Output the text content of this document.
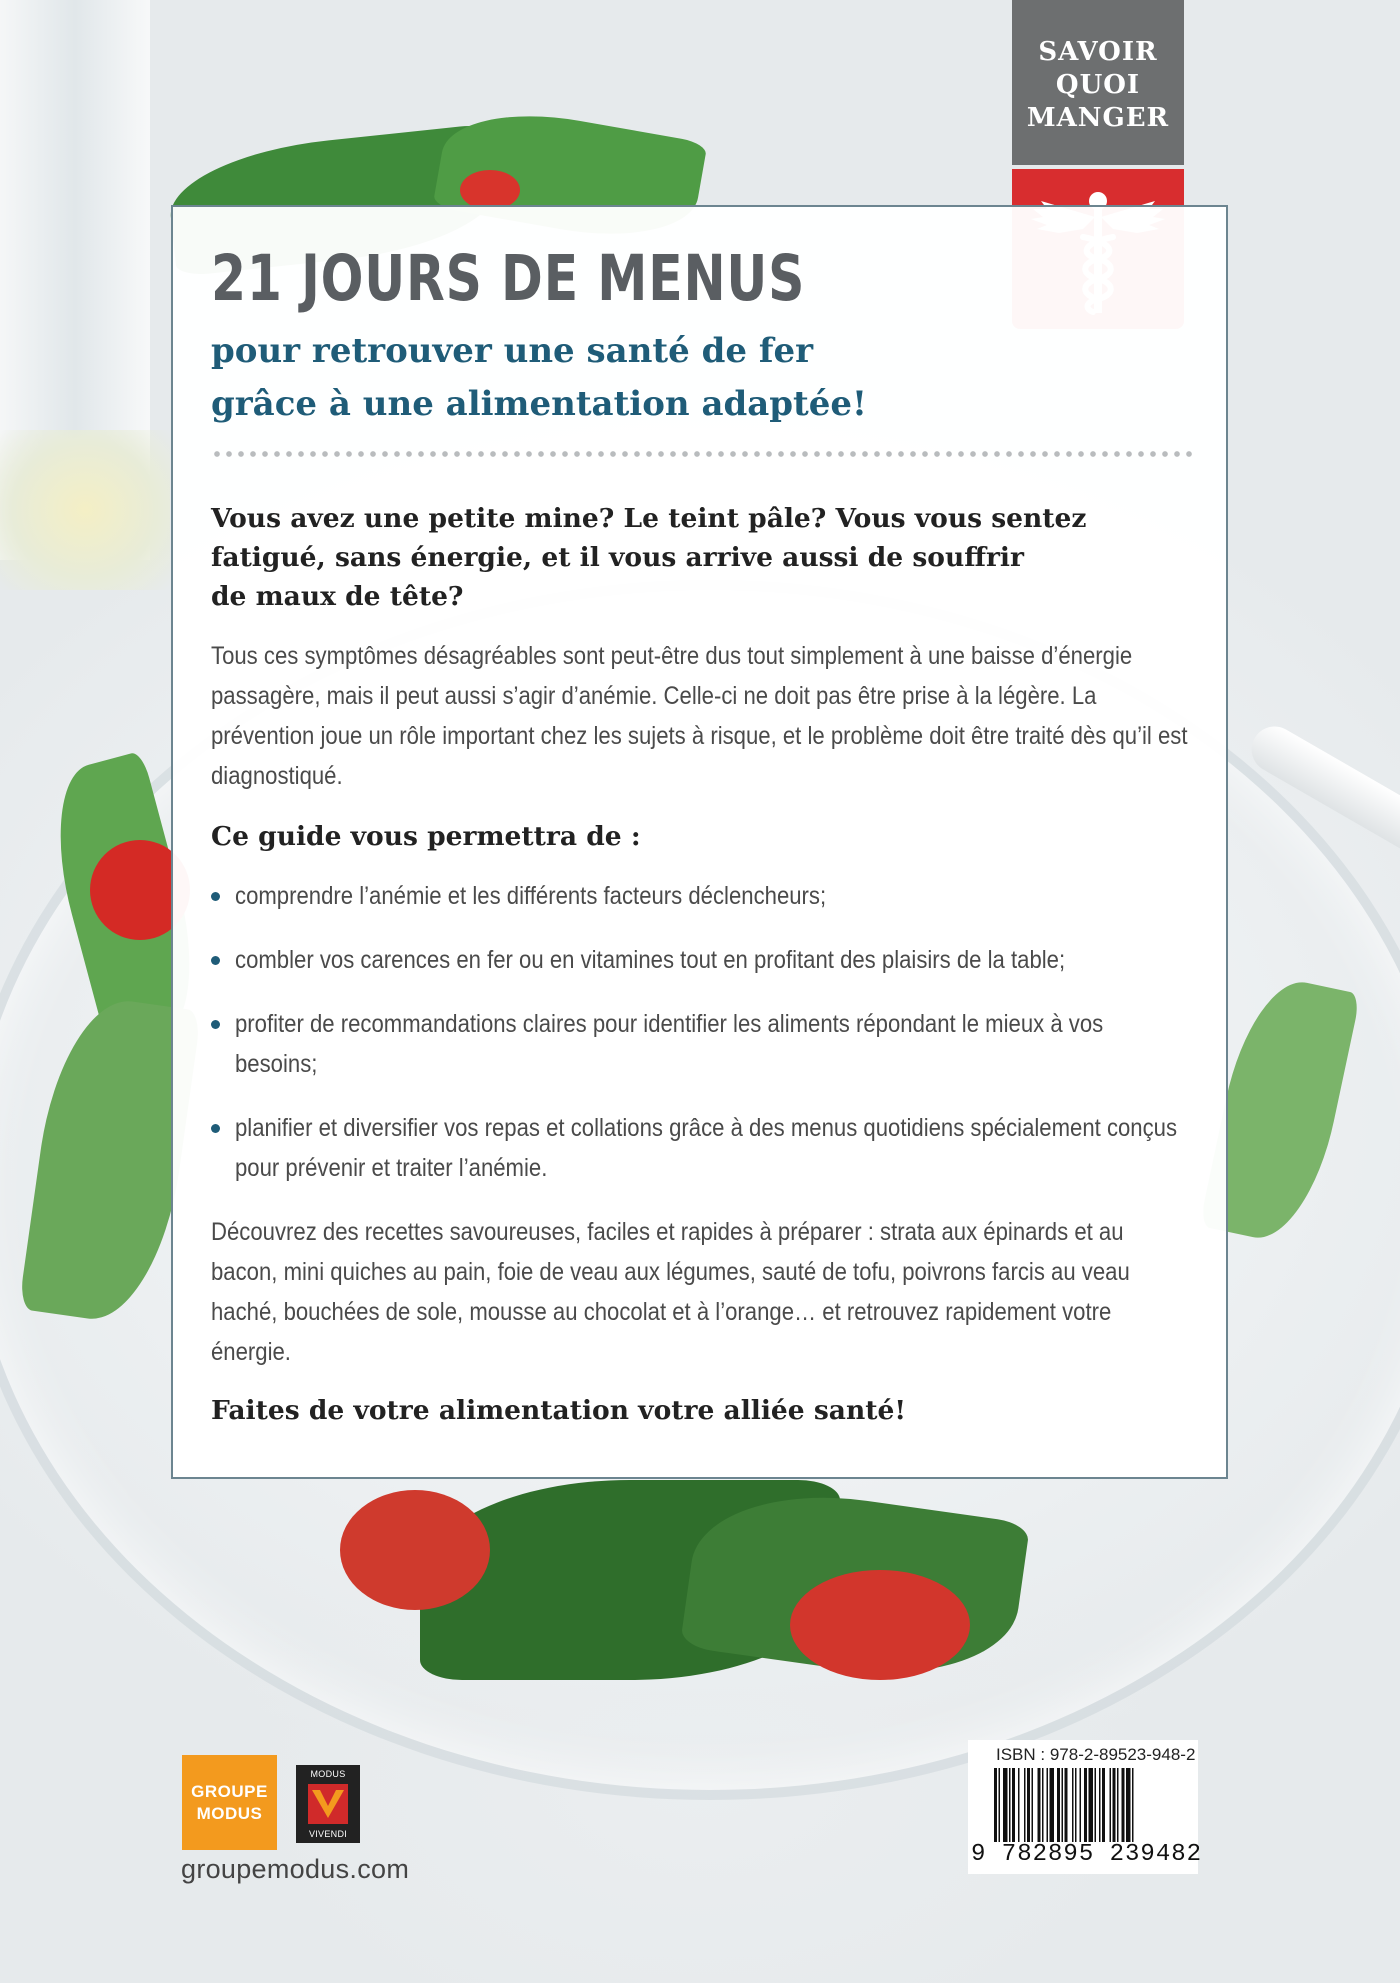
SAVOIR
QUOI
MANGER
21 JOURS DE MENUS
pour retrouver une santé de fer
grâce à une alimentation adaptée!

Vous avez une petite mine? Le teint pâle? Vous vous sentez
fatigué, sans énergie, et il vous arrive aussi de souffrir
de maux de tête?

Tous ces symptômes désagréables sont peut-être dus tout simplement à une baisse d’énergie passagère, mais il peut aussi s’agir d’anémie. Celle-ci ne doit pas être prise à la légère. La prévention joue un rôle important chez les sujets à risque, et le problème doit être traité dès qu’il est diagnostiqué.

Ce guide vous permettra de :

comprendre l’anémie et les différents facteurs déclencheurs;
combler vos carences en fer ou en vitamines tout en profitant des plaisirs de la table;
profiter de recommandations claires pour identifier les aliments répondant le mieux à vos besoins;
planifier et diversifier vos repas et collations grâce à des menus quotidiens spécialement conçus pour prévenir et traiter l’anémie.

Découvrez des recettes savoureuses, faciles et rapides à préparer : strata aux épinards et au bacon, mini quiches au pain, foie de veau aux légumes, sauté de tofu, poivrons farcis au veau haché, bouchées de sole, mousse au chocolat et à l’orange… et retrouvez rapidement votre énergie.

Faites de votre alimentation votre alliée santé!

GROUPE
MODUS
MODUS
VIVENDI
groupemodus.com
ISBN : 978-2-89523-948-2
9 782895 239482
